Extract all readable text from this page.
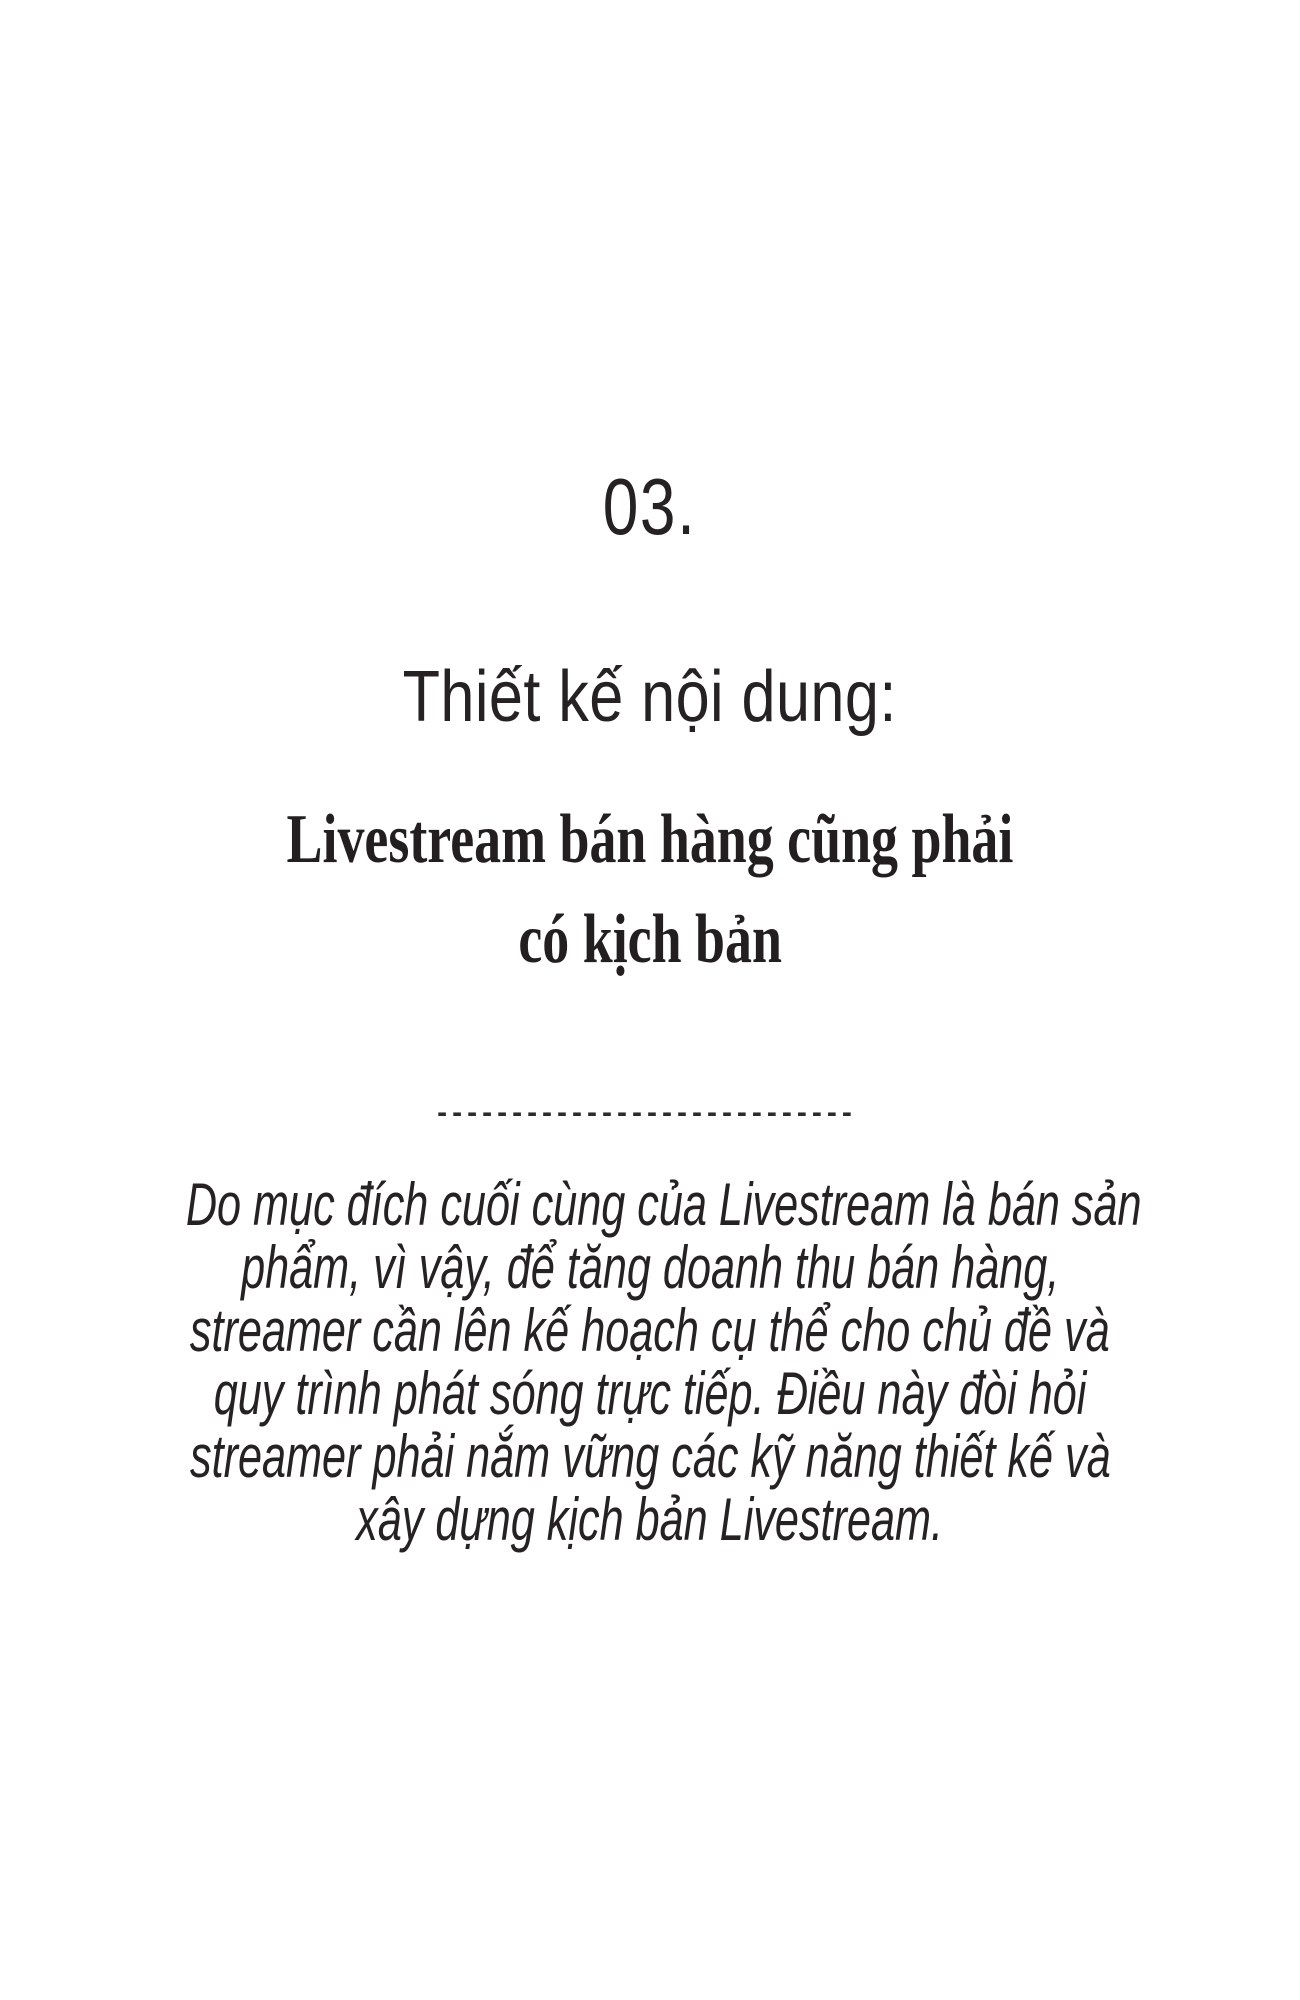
03.
Thiết kế nội dung:
Livestream bán hàng cũng phải
có kịch bản
----------------------------
Do mục đích cuối cùng của Livestream là bán sản
phẩm, vì vậy, để tăng doanh thu bán hàng,
streamer cần lên kế hoạch cụ thể cho chủ đề và
quy trình phát sóng trực tiếp. Điều này đòi hỏi
streamer phải nắm vững các kỹ năng thiết kế và
xây dựng kịch bản Livestream.
